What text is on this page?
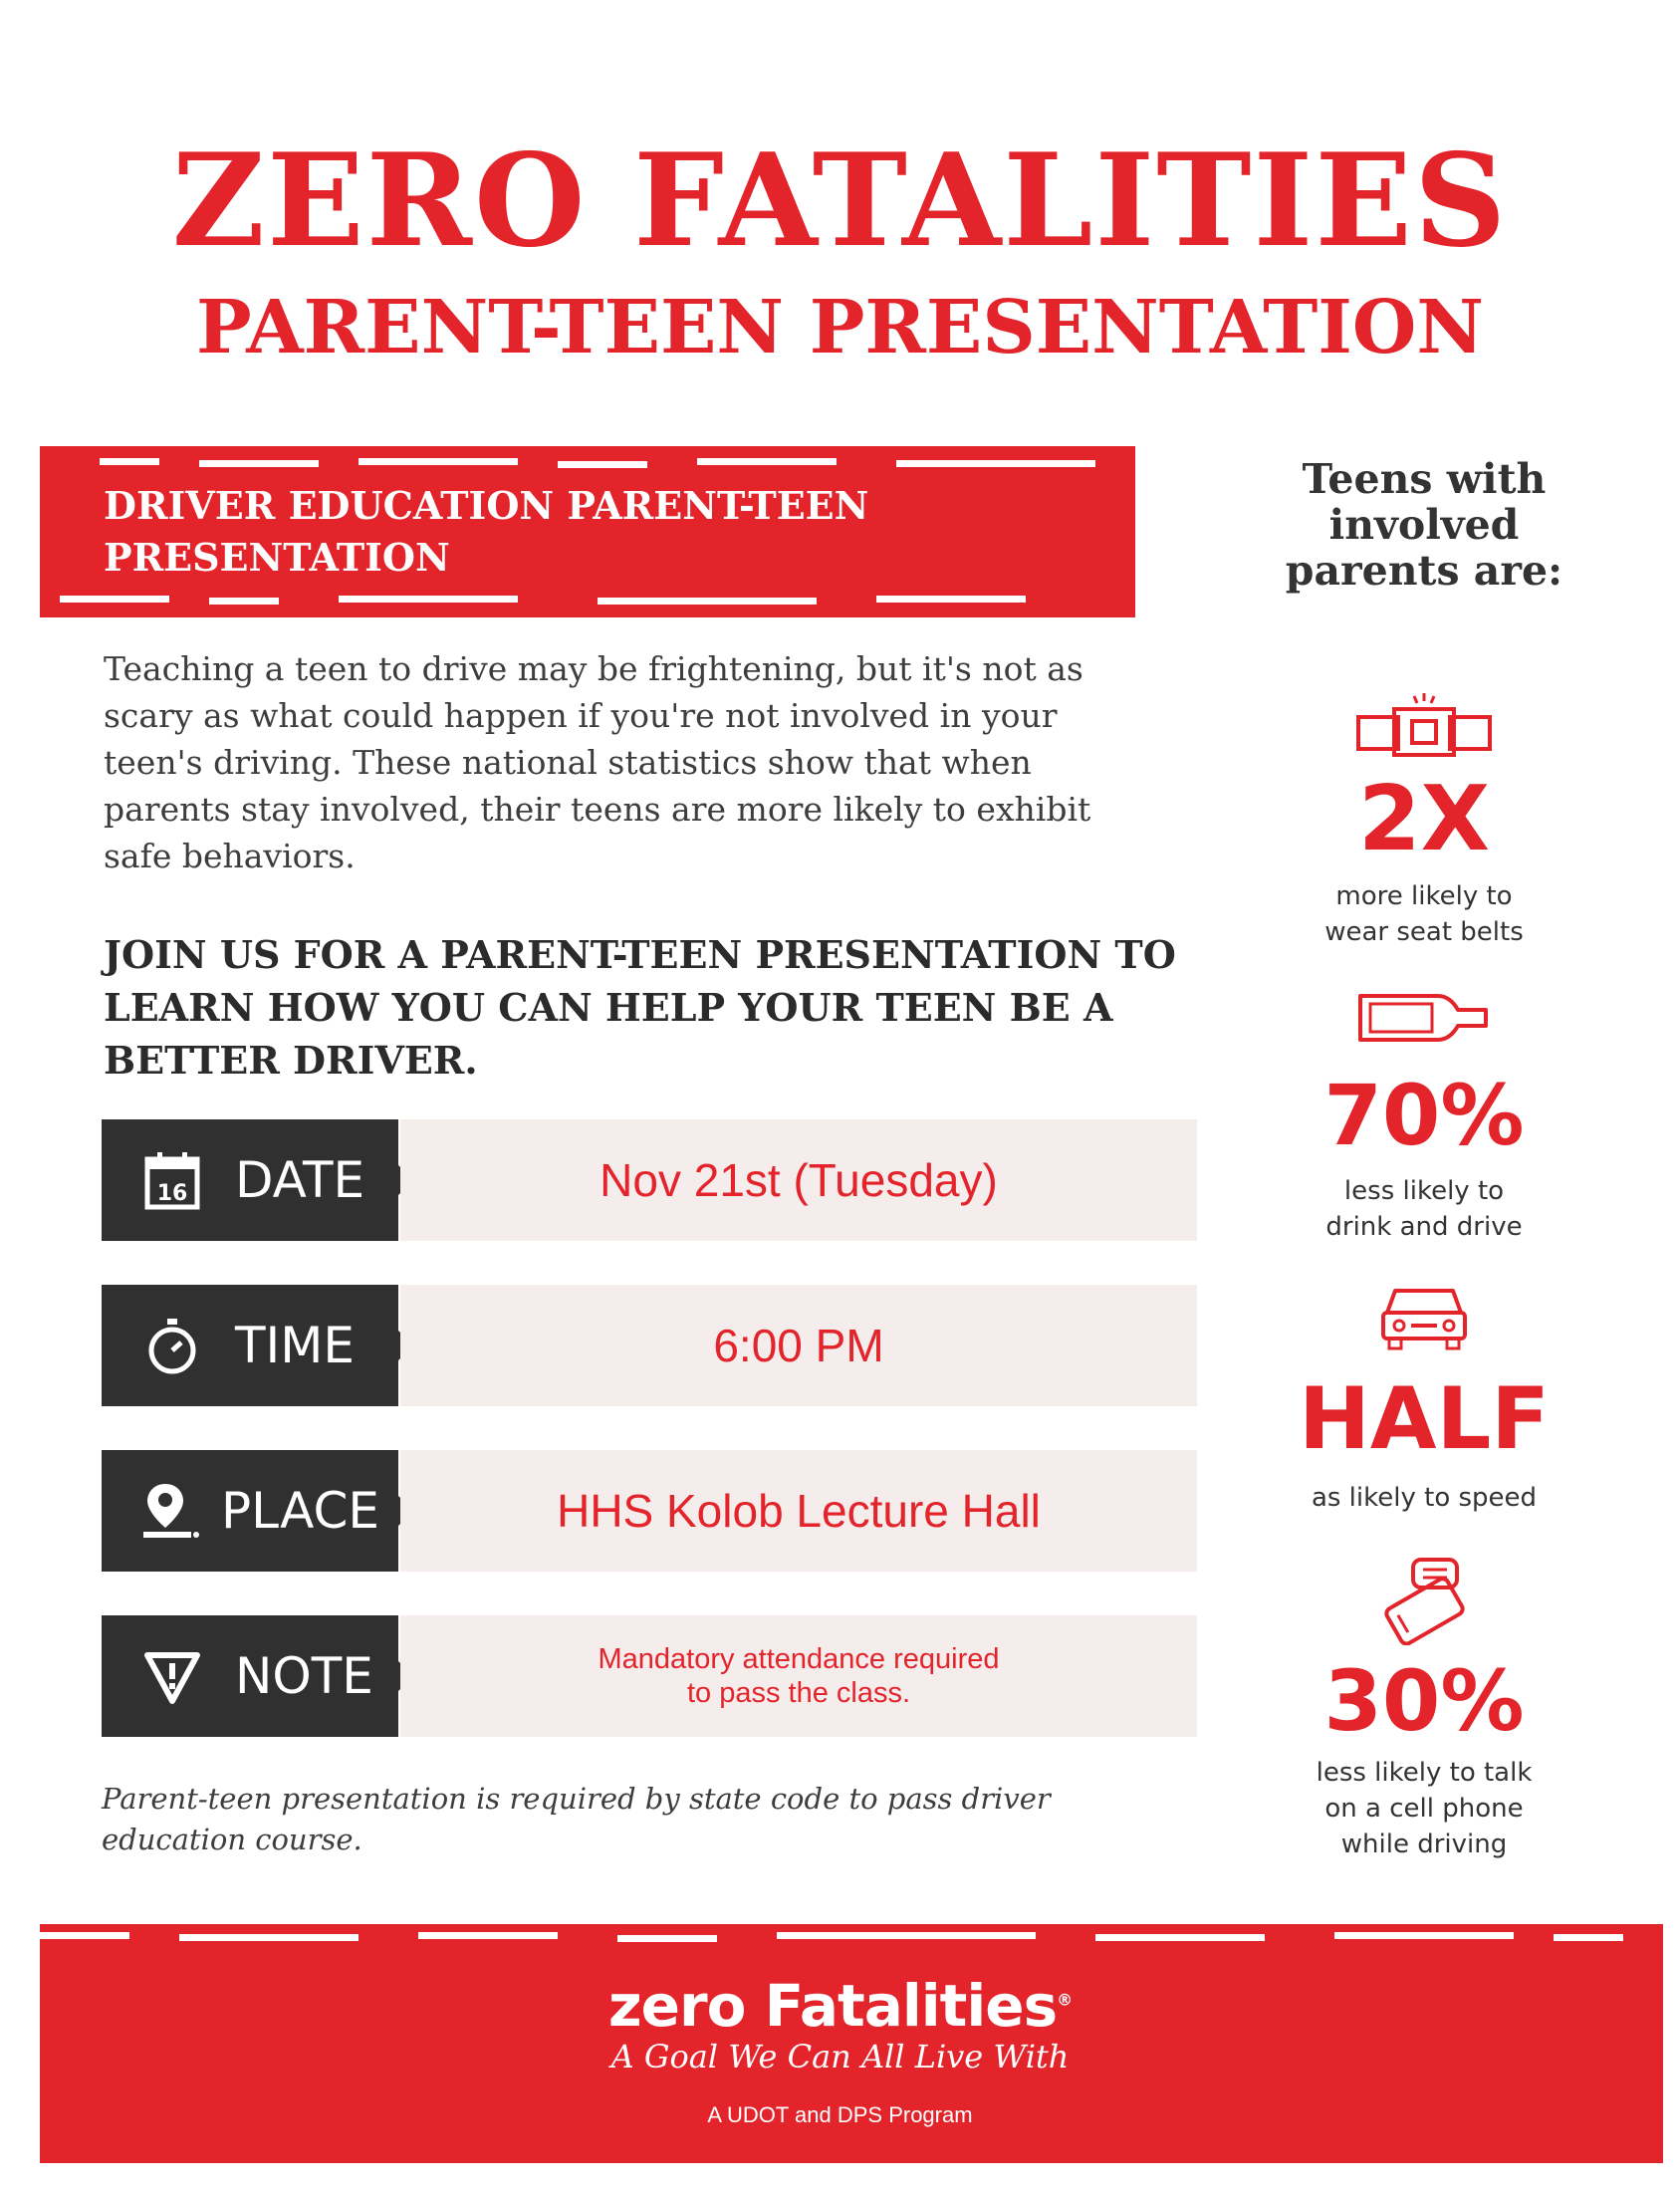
ZERO FATALITIES
PARENT-TEEN PRESENTATION
DRIVER EDUCATION PARENT-TEEN
PRESENTATION
Teaching a teen to drive may be frightening, but it's not as scary as what could happen if you're not involved in your teen's driving. These national statistics show that when parents stay involved, their teens are more likely to exhibit safe behaviors.
JOIN US FOR A PARENT-TEEN PRESENTATION TO LEARN HOW YOU CAN HELP YOUR TEEN BE A BETTER DRIVER.
16 DATE	Nov 21st (Tuesday)
TIME	6:00 PM
PLACE	HHS Kolob Lecture Hall
NOTE	Mandatory attendance required
to pass the class.
Parent-teen presentation is required by state code to pass driver education course.
Teens with
involved
parents are:
2X
more likely to
wear seat belts
70%
less likely to
drink and drive
HALF
as likely to speed
30%
less likely to talk
on a cell phone
while driving
zero Fatalities®
A Goal We Can All Live With
A UDOT and DPS Program
